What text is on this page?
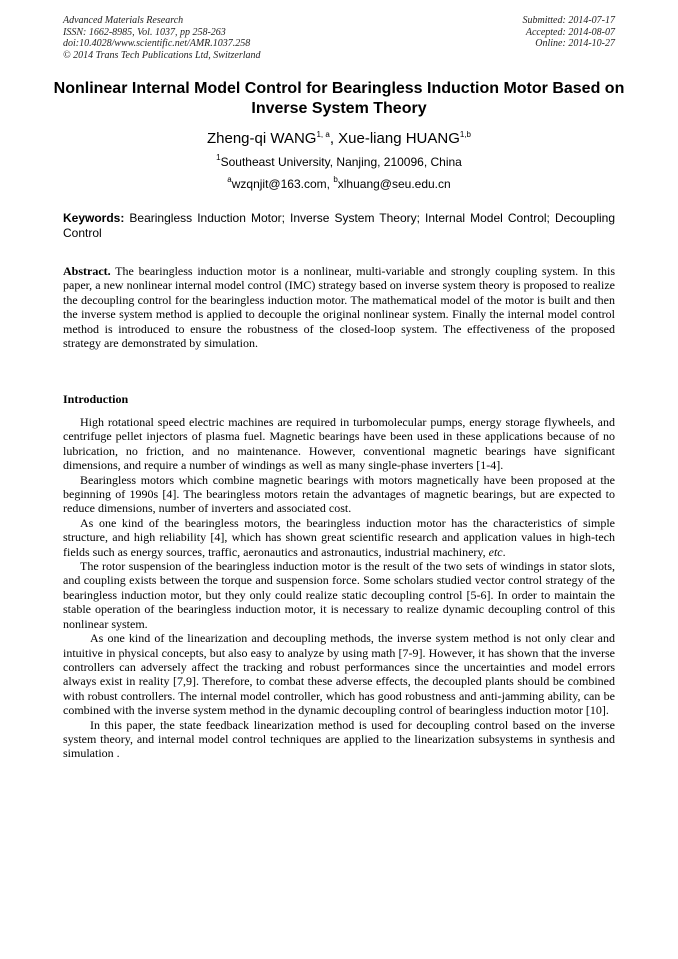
Advanced Materials Research
ISSN: 1662-8985, Vol. 1037, pp 258-263
doi:10.4028/www.scientific.net/AMR.1037.258
© 2014 Trans Tech Publications Ltd, Switzerland
Submitted: 2014-07-17
Accepted: 2014-08-07
Online: 2014-10-27
Nonlinear Internal Model Control for Bearingless Induction Motor Based on Inverse System Theory
Zheng-qi WANG$^{1, a}$, Xue-liang HUANG$^{1,b}$
$^1$Southeast University, Nanjing, 210096, China
$^a$wzqnjit@163.com, $^b$xlhuang@seu.edu.cn
Keywords: Bearingless Induction Motor; Inverse System Theory; Internal Model Control; Decoupling Control
Abstract. The bearingless induction motor is a nonlinear, multi-variable and strongly coupling system. In this paper, a new nonlinear internal model control (IMC) strategy based on inverse system theory is proposed to realize the decoupling control for the bearingless induction motor. The mathematical model of the motor is built and then the inverse system method is applied to decouple the original nonlinear system. Finally the internal model control method is introduced to ensure the robustness of the closed-loop system. The effectiveness of the proposed strategy are demonstrated by simulation.
Introduction

High rotational speed electric machines are required in turbomolecular pumps, energy storage flywheels, and centrifuge pellet injectors of plasma fuel. Magnetic bearings have been used in these applications because of no lubrication, no friction, and no maintenance. However, conventional magnetic bearings have significant dimensions, and require a number of windings as well as many single-phase inverters [1-4].

Bearingless motors which combine magnetic bearings with motors magnetically have been proposed at the beginning of 1990s [4]. The bearingless motors retain the advantages of magnetic bearings, but are expected to reduce dimensions, number of inverters and associated cost.

As one kind of the bearingless motors, the bearingless induction motor has the characteristics of simple structure, and high reliability [4], which has shown great scientific research and application values in high-tech fields such as energy sources, traffic, aeronautics and astronautics, industrial machinery, etc.

The rotor suspension of the bearingless induction motor is the result of the two sets of windings in stator slots, and coupling exists between the torque and suspension force. Some scholars studied vector control strategy of the bearingless induction motor, but they only could realize static decoupling control [5-6]. In order to maintain the stable operation of the bearingless induction motor, it is necessary to realize dynamic decoupling control of this nonlinear system.

As one kind of the linearization and decoupling methods, the inverse system method is not only clear and intuitive in physical concepts, but also easy to analyze by using math [7-9]. However, it has shown that the inverse controllers can adversely affect the tracking and robust performances since the uncertainties and model errors always exist in reality [7,9]. Therefore, to combat these adverse effects, the decoupled plants should be combined with robust controllers. The internal model controller, which has good robustness and anti-jamming ability, can be combined with the inverse system method in the dynamic decoupling control of bearingless induction motor [10].

In this paper, the state feedback linearization method is used for decoupling control based on the inverse system theory, and internal model control techniques are applied to the linearization subsystems in synthesis and simulation .
